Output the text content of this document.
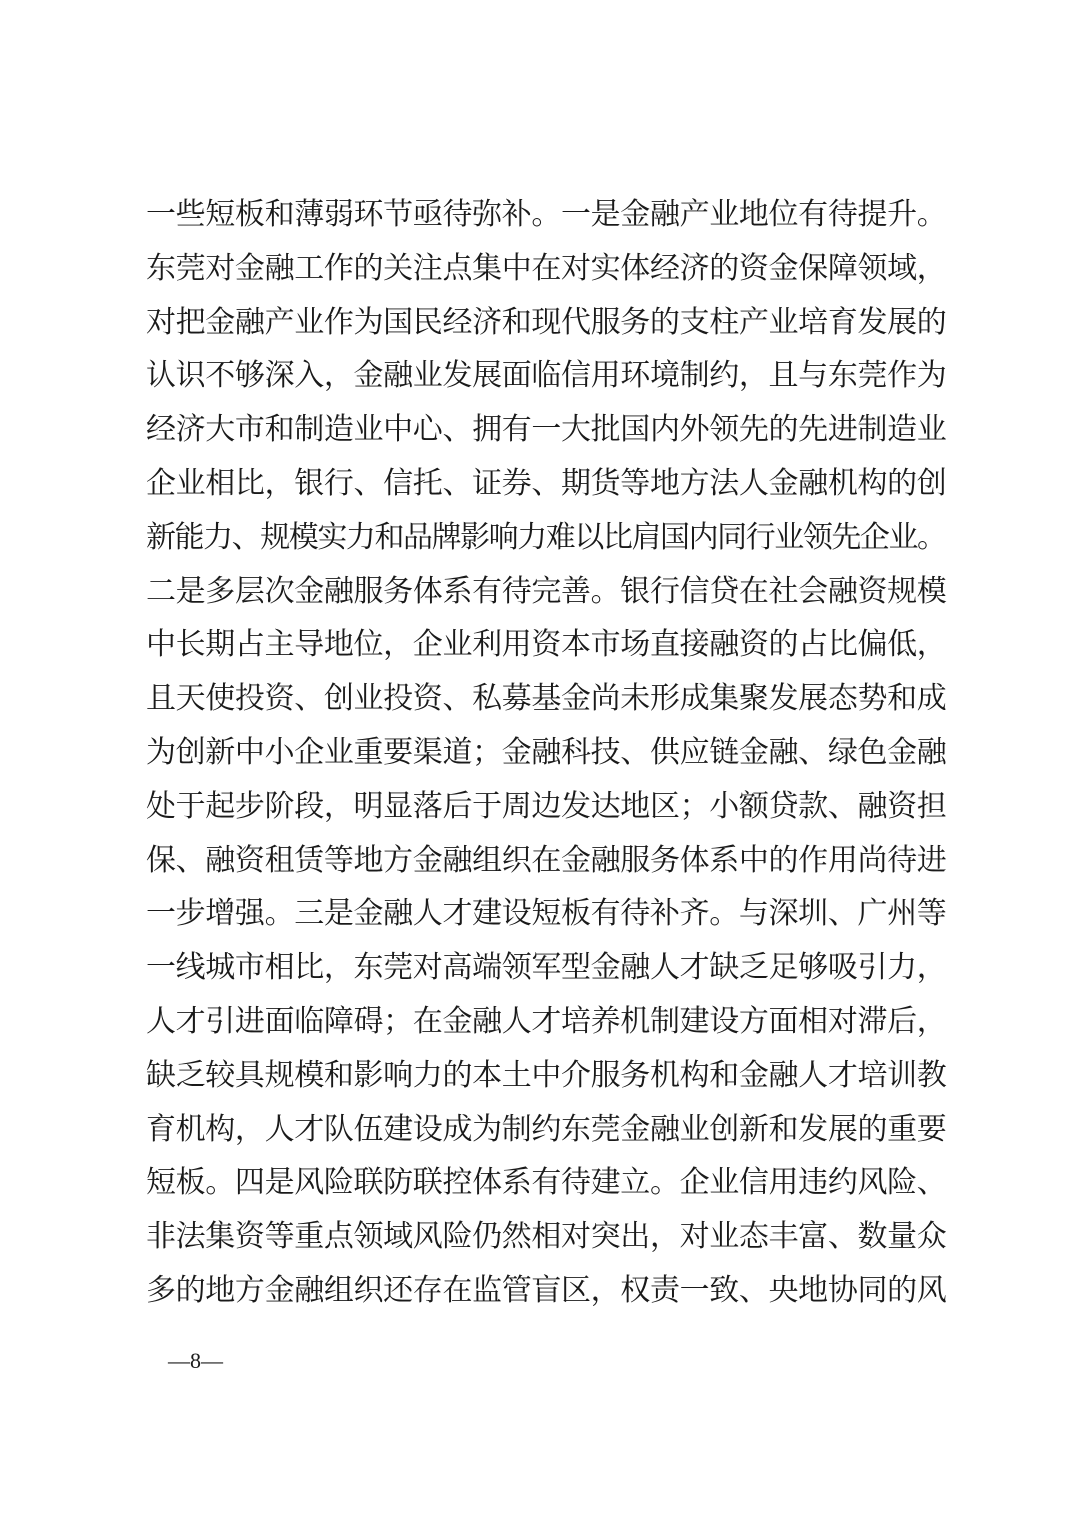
一些短板和薄弱环节亟待弥补。一是金融产业地位有待提升。
东莞对金融工作的关注点集中在对实体经济的资金保障领域，
对把金融产业作为国民经济和现代服务的支柱产业培育发展的
认识不够深入，金融业发展面临信用环境制约，且与东莞作为
经济大市和制造业中心、拥有一大批国内外领先的先进制造业
企业相比，银行、信托、证券、期货等地方法人金融机构的创
新能力、规模实力和品牌影响力难以比肩国内同行业领先企业。
二是多层次金融服务体系有待完善。银行信贷在社会融资规模
中长期占主导地位，企业利用资本市场直接融资的占比偏低，
且天使投资、创业投资、私募基金尚未形成集聚发展态势和成
为创新中小企业重要渠道；金融科技、供应链金融、绿色金融
处于起步阶段，明显落后于周边发达地区；小额贷款、融资担
保、融资租赁等地方金融组织在金融服务体系中的作用尚待进
一步增强。三是金融人才建设短板有待补齐。与深圳、广州等
一线城市相比，东莞对高端领军型金融人才缺乏足够吸引力，
人才引进面临障碍；在金融人才培养机制建设方面相对滞后，
缺乏较具规模和影响力的本土中介服务机构和金融人才培训教
育机构，人才队伍建设成为制约东莞金融业创新和发展的重要
短板。四是风险联防联控体系有待建立。企业信用违约风险、
非法集资等重点领域风险仍然相对突出，对业态丰富、数量众
多的地方金融组织还存在监管盲区，权责一致、央地协同的风
—8—
